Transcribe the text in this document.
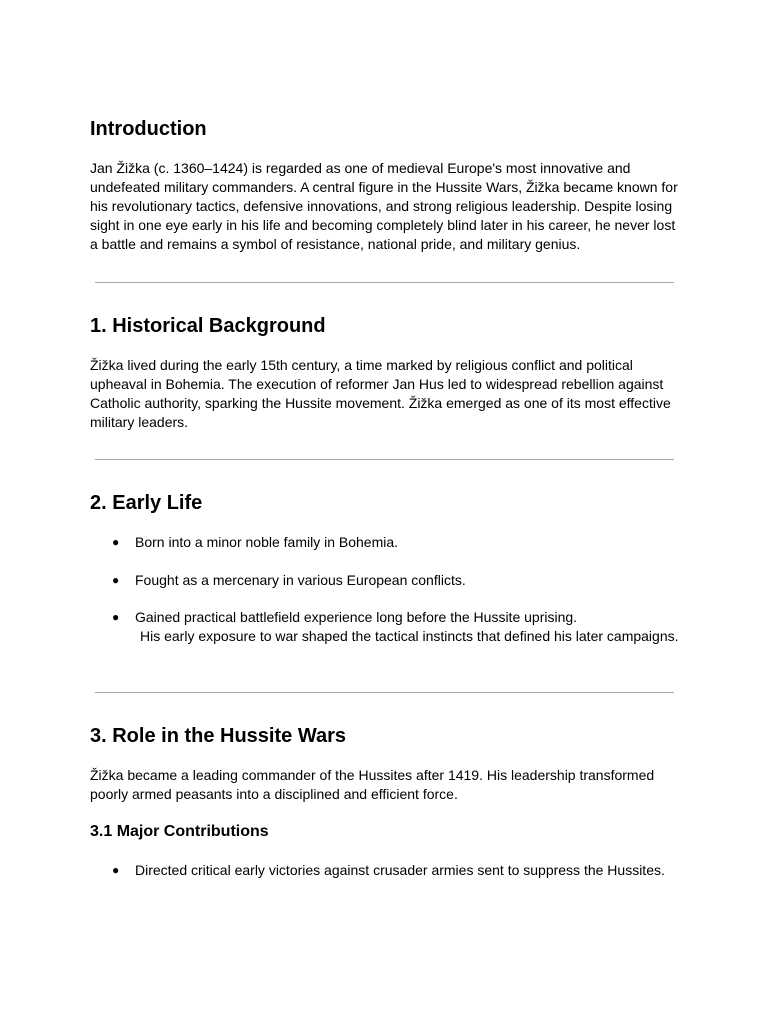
Introduction
Jan Žižka (c. 1360–1424) is regarded as one of medieval Europe's most innovative and
undefeated military commanders. A central figure in the Hussite Wars, Žižka became known for
his revolutionary tactics, defensive innovations, and strong religious leadership. Despite losing
sight in one eye early in his life and becoming completely blind later in his career, he never lost
a battle and remains a symbol of resistance, national pride, and military genius.
1. Historical Background
Žižka lived during the early 15th century, a time marked by religious conflict and political
upheaval in Bohemia. The execution of reformer Jan Hus led to widespread rebellion against
Catholic authority, sparking the Hussite movement. Žižka emerged as one of its most effective
military leaders.
2. Early Life
● Born into a minor noble family in Bohemia.
● Fought as a mercenary in various European conflicts.
● Gained practical battlefield experience long before the Hussite uprising.
His early exposure to war shaped the tactical instincts that defined his later campaigns.
3. Role in the Hussite Wars
Žižka became a leading commander of the Hussites after 1419. His leadership transformed
poorly armed peasants into a disciplined and efficient force.
3.1 Major Contributions
● Directed critical early victories against crusader armies sent to suppress the Hussites.
